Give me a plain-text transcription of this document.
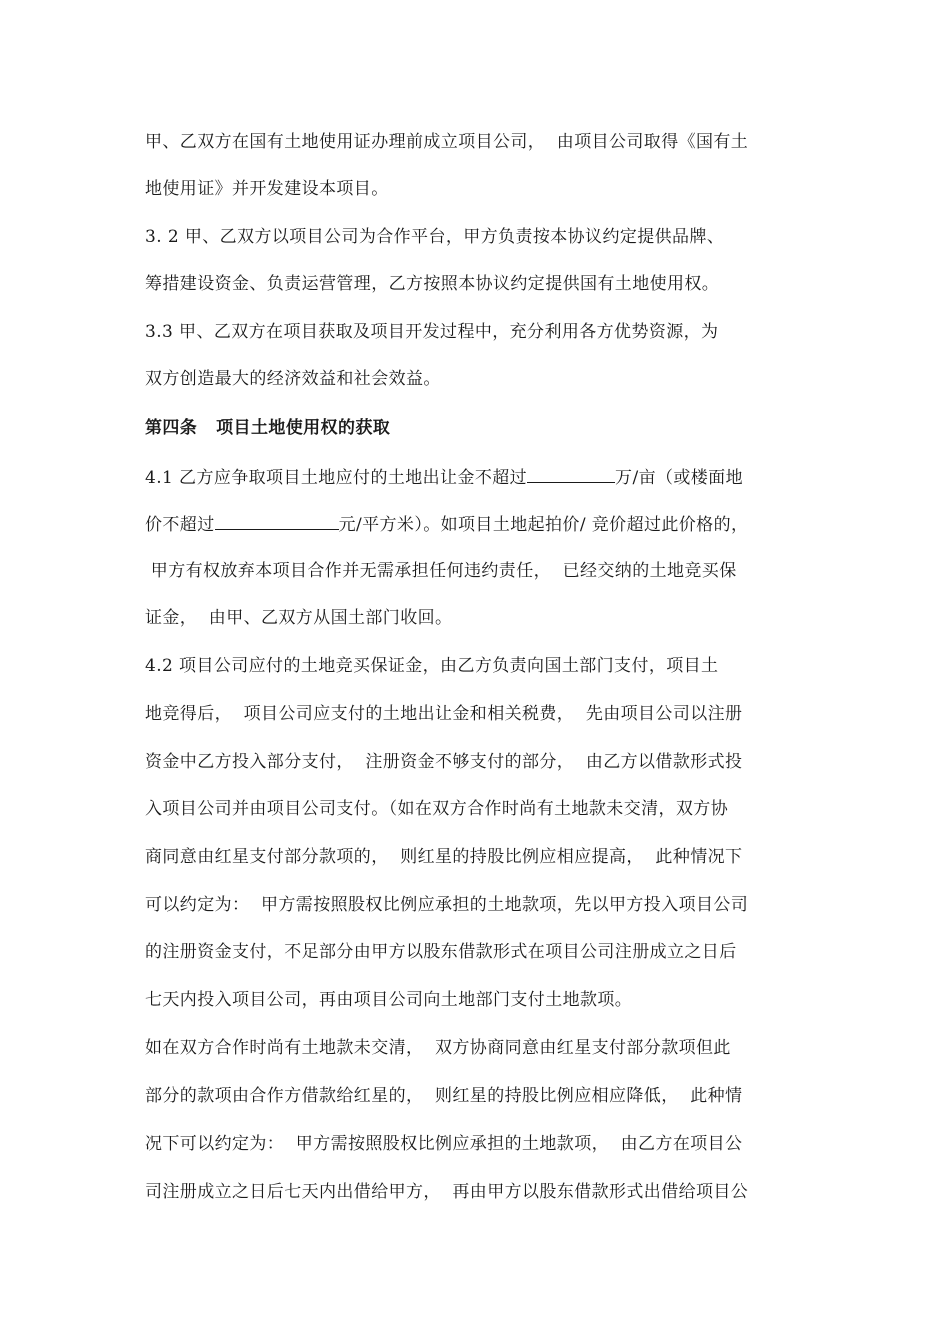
甲、乙双方在国有土地使用证办理前成立项目公司，  由项目公司取得《国有土
地使用证》并开发建设本项目。
3. 2 甲、乙双方以项目公司为合作平台，甲方负责按本协议约定提供品牌、
筹措建设资金、负责运营管理，乙方按照本协议约定提供国有土地使用权。
3.3 甲、乙双方在项目获取及项目开发过程中，充分利用各方优势资源，为
双方创造最大的经济效益和社会效益。
第四条   项目土地使用权的获取
4.1 乙方应争取项目土地应付的土地出让金不超过	万/亩（或楼面地
价不超过	元/平方米）。如项目土地起拍价/ 竞价超过此价格的，
甲方有权放弃本项目合作并无需承担任何违约责任，  已经交纳的土地竞买保
证金，  由甲、乙双方从国土部门收回。
4.2 项目公司应付的土地竞买保证金，由乙方负责向国土部门支付，项目土
地竞得后，  项目公司应支付的土地出让金和相关税费，  先由项目公司以注册
资金中乙方投入部分支付，  注册资金不够支付的部分，  由乙方以借款形式投
入项目公司并由项目公司支付。（如在双方合作时尚有土地款未交清，双方协
商同意由红星支付部分款项的，  则红星的持股比例应相应提高，  此种情况下
可以约定为：  甲方需按照股权比例应承担的土地款项，先以甲方投入项目公司
的注册资金支付，不足部分由甲方以股东借款形式在项目公司注册成立之日后
七天内投入项目公司，再由项目公司向土地部门支付土地款项。
如在双方合作时尚有土地款未交清，  双方协商同意由红星支付部分款项但此
部分的款项由合作方借款给红星的，  则红星的持股比例应相应降低，  此种情
况下可以约定为：  甲方需按照股权比例应承担的土地款项，  由乙方在项目公
司注册成立之日后七天内出借给甲方，  再由甲方以股东借款形式出借给项目公
